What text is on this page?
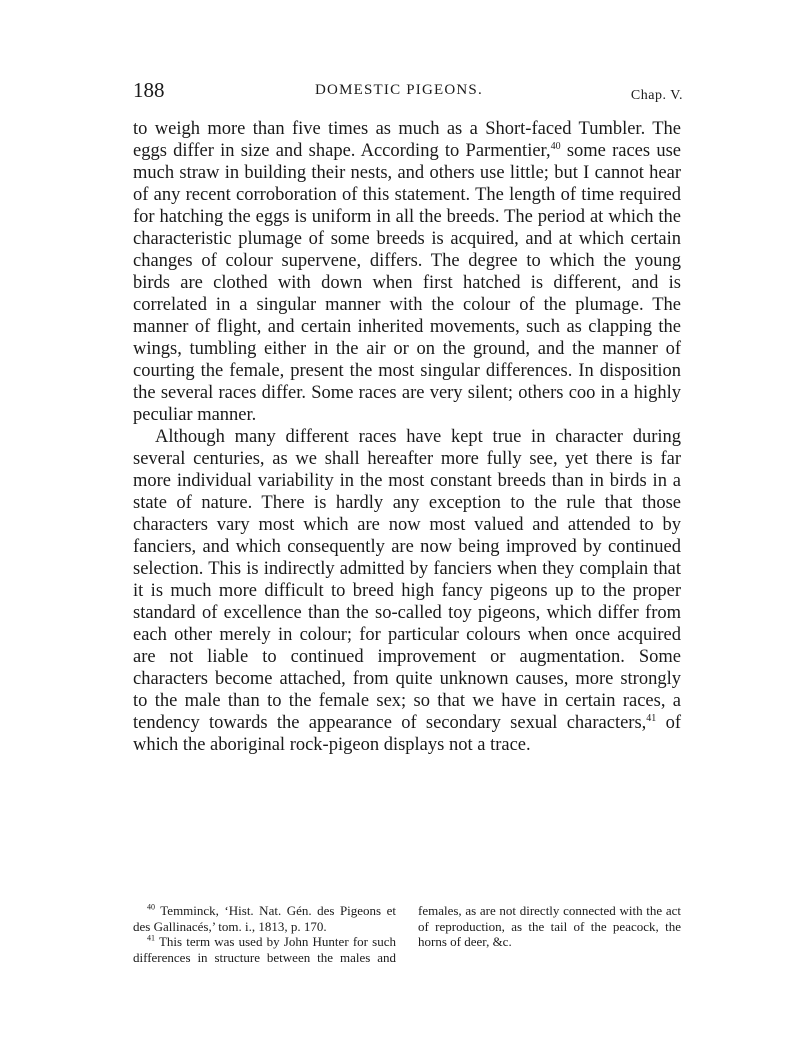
188	DOMESTIC PIGEONS.	Chap. V.

to weigh more than five times as much as a Short-faced Tumbler. The eggs differ in size and shape. According to Parmentier,$^{40}$ some races use much straw in building their nests, and others use little; but I cannot hear of any recent corroboration of this statement. The length of time required for hatching the eggs is uniform in all the breeds. The period at which the characteristic plumage of some breeds is acquired, and at which certain changes of colour supervene, differs. The degree to which the young birds are clothed with down when first hatched is different, and is correlated in a singular manner with the colour of the plumage. The manner of flight, and certain inherited movements, such as clapping the wings, tumbling either in the air or on the ground, and the manner of courting the female, present the most singular differences. In disposition the several races differ. Some races are very silent; others coo in a highly peculiar manner.

Although many different races have kept true in character during several centuries, as we shall hereafter more fully see, yet there is far more individual variability in the most constant breeds than in birds in a state of nature. There is hardly any exception to the rule that those characters vary most which are now most valued and attended to by fanciers, and which consequently are now being improved by continued selection. This is indirectly admitted by fanciers when they complain that it is much more difficult to breed high fancy pigeons up to the proper standard of excellence than the so-called toy pigeons, which differ from each other merely in colour; for particular colours when once acquired are not liable to continued improvement or augmentation. Some characters become attached, from quite unknown causes, more strongly to the male than to the female sex; so that we have in certain races, a tendency towards the appearance of secondary sexual characters,$^{41}$ of which the aboriginal rock-pigeon displays not a trace.

$^{40}$ Temminck, ‘Hist. Nat. Gén. des Pigeons et des Gallinacés,’ tom. i., 1813, p. 170.

$^{41}$ This term was used by John Hunter for such differences in structure between the males and females, as are not directly connected with the act of reproduction, as the tail of the peacock, the horns of deer, &c.
